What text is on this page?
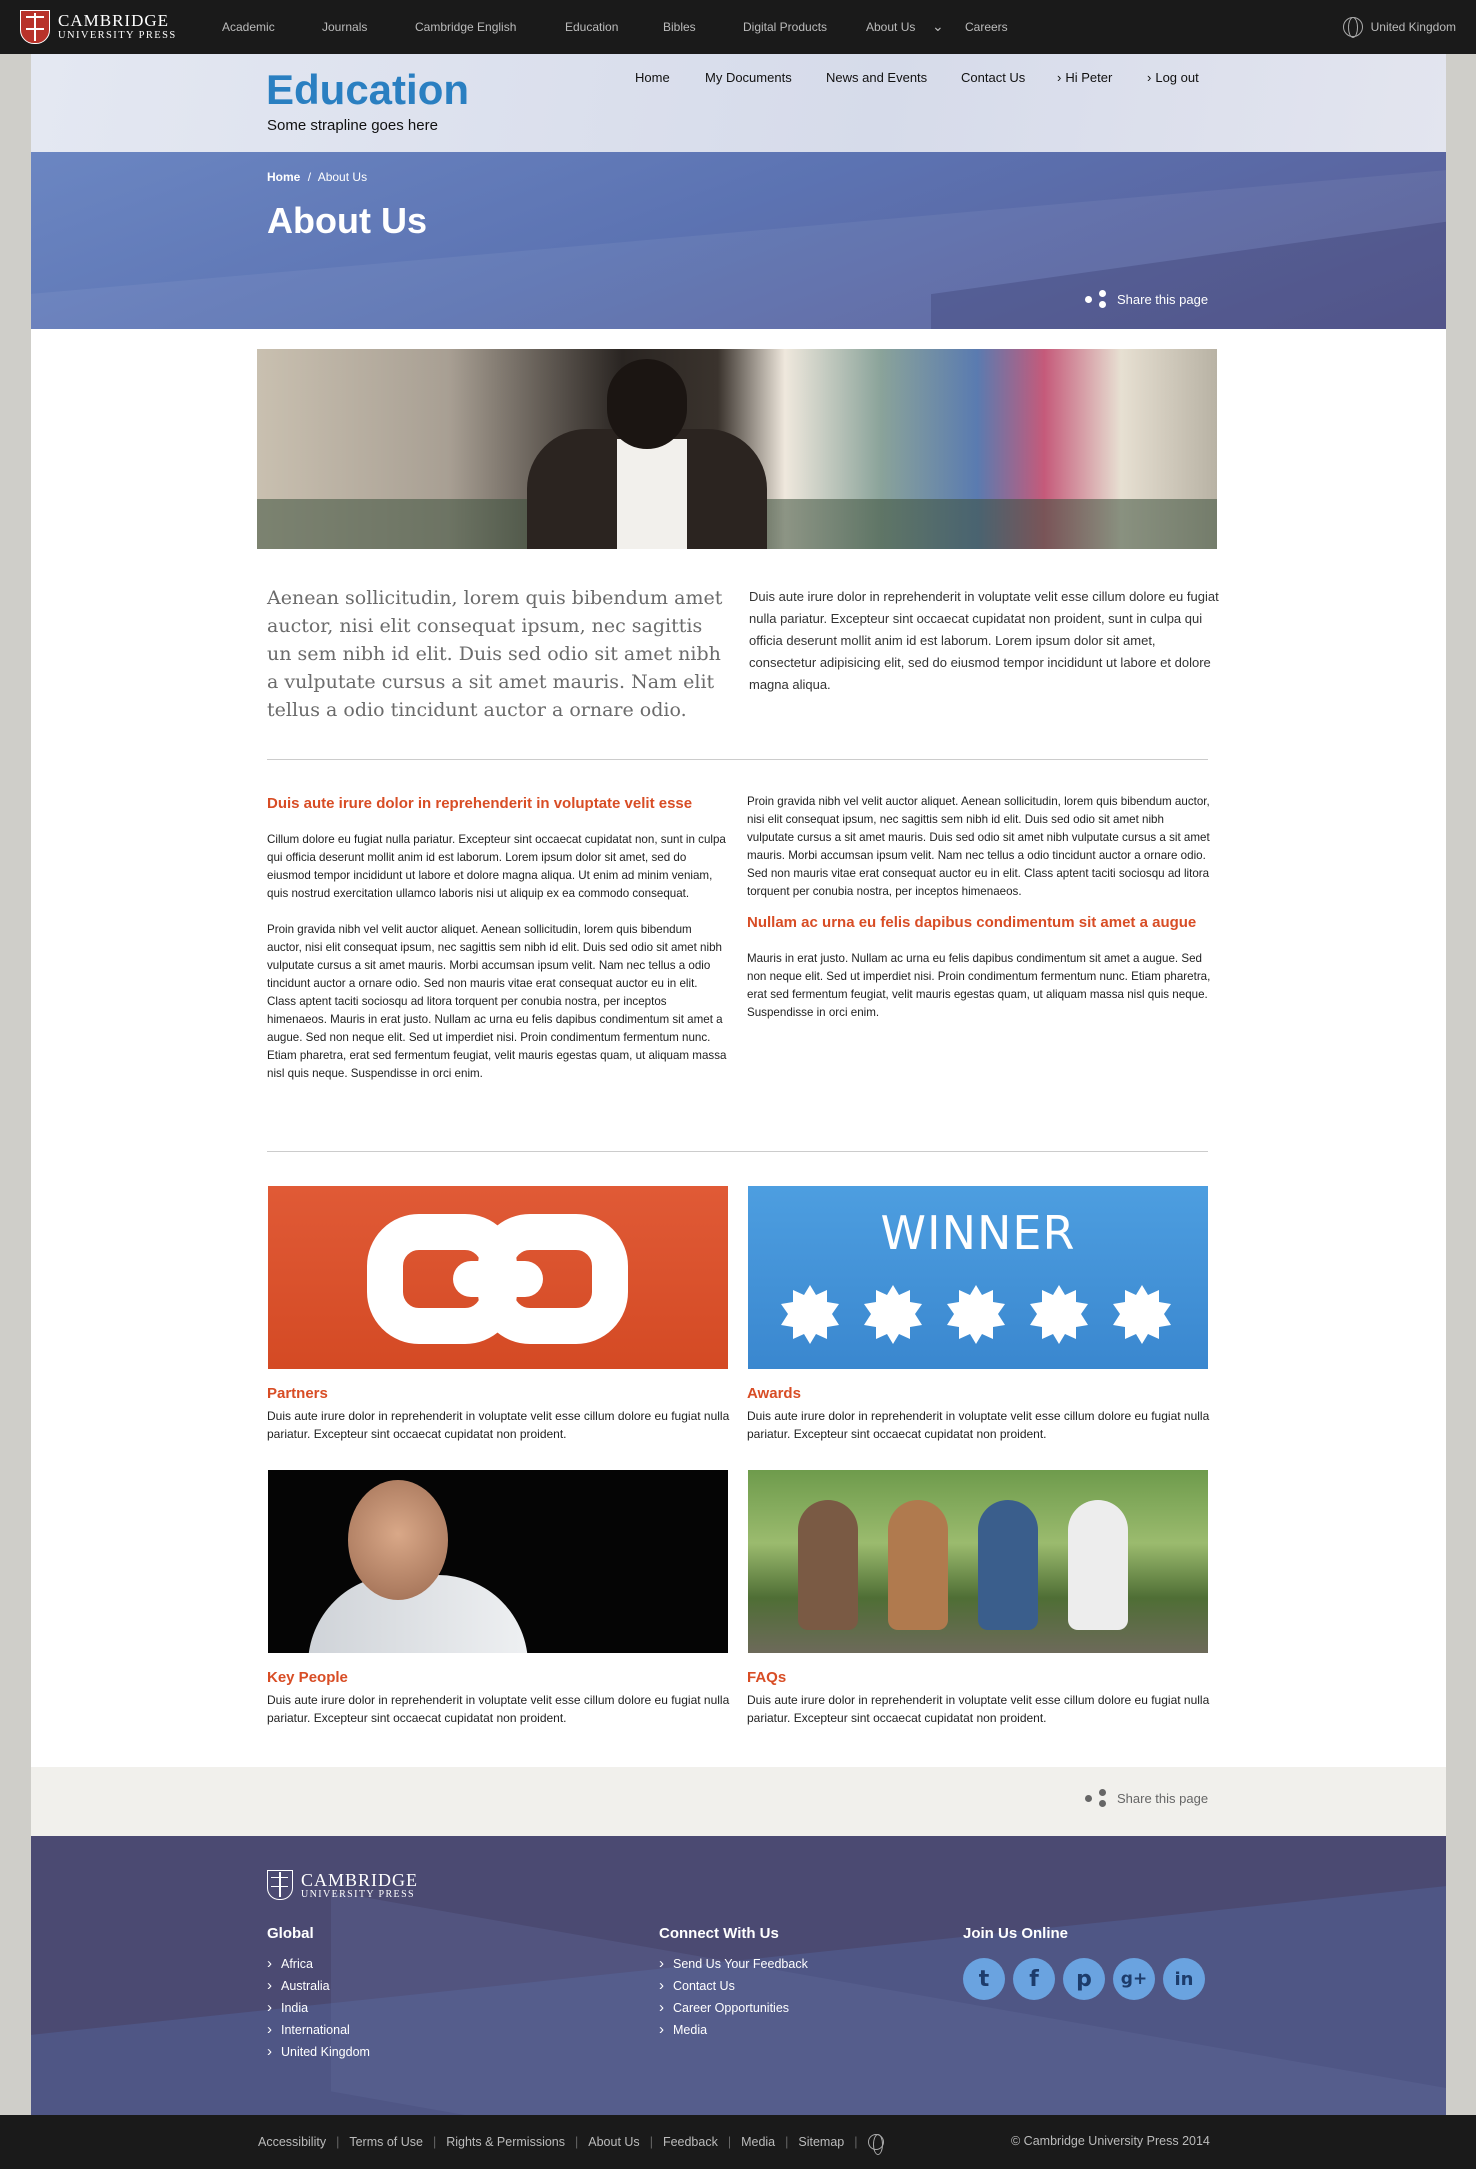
CAMBRIDGE
UNIVERSITY PRESS
Academic	Journals	Cambridge English	Education	Bibles	Digital Products	About Us ⌄ Careers	United Kingdom
Education
Some strapline goes here
Home	My Documents	News and Events	Contact Us	› Hi Peter	› Log out
Home / About Us
About Us
Share this page
Aenean sollicitudin, lorem quis bibendum amet auctor, nisi elit consequat ipsum, nec sagittis un sem nibh id elit. Duis sed odio sit amet nibh a vulputate cursus a sit amet mauris. Nam elit tellus a odio tincidunt auctor a ornare odio.
Duis aute irure dolor in reprehenderit in voluptate velit esse cillum dolore eu fugiat nulla pariatur. Excepteur sint occaecat cupidatat non proident, sunt in culpa qui officia deserunt mollit anim id est laborum. Lorem ipsum dolor sit amet, consectetur adipisicing elit, sed do eiusmod tempor incididunt ut labore et dolore magna aliqua.
Duis aute irure dolor in reprehenderit in voluptate velit esse
Cillum dolore eu fugiat nulla pariatur. Excepteur sint occaecat cupidatat non, sunt in culpa qui officia deserunt mollit anim id est laborum. Lorem ipsum dolor sit amet, sed do eiusmod tempor incididunt ut labore et dolore magna aliqua. Ut enim ad minim veniam, quis nostrud exercitation ullamco laboris nisi ut aliquip ex ea commodo consequat.
Proin gravida nibh vel velit auctor aliquet. Aenean sollicitudin, lorem quis bibendum auctor, nisi elit consequat ipsum, nec sagittis sem nibh id elit. Duis sed odio sit amet nibh vulputate cursus a sit amet mauris. Morbi accumsan ipsum velit. Nam nec tellus a odio tincidunt auctor a ornare odio. Sed non mauris vitae erat consequat auctor eu in elit. Class aptent taciti sociosqu ad litora torquent per conubia nostra, per inceptos himenaeos. Mauris in erat justo. Nullam ac urna eu felis dapibus condimentum sit amet a augue. Sed non neque elit. Sed ut imperdiet nisi. Proin condimentum fermentum nunc. Etiam pharetra, erat sed fermentum feugiat, velit mauris egestas quam, ut aliquam massa nisl quis neque. Suspendisse in orci enim.
Proin gravida nibh vel velit auctor aliquet. Aenean sollicitudin, lorem quis bibendum auctor, nisi elit consequat ipsum, nec sagittis sem nibh id elit. Duis sed odio sit amet nibh vulputate cursus a sit amet mauris. Duis sed odio sit amet nibh vulputate cursus a sit amet mauris. Morbi accumsan ipsum velit. Nam nec tellus a odio tincidunt auctor a ornare odio. Sed non mauris vitae erat consequat auctor eu in elit. Class aptent taciti sociosqu ad litora torquent per conubia nostra, per inceptos himenaeos.
Nullam ac urna eu felis dapibus condimentum sit amet a augue
Mauris in erat justo. Nullam ac urna eu felis dapibus condimentum sit amet a augue. Sed non neque elit. Sed ut imperdiet nisi. Proin condimentum fermentum nunc. Etiam pharetra, erat sed fermentum feugiat, velit mauris egestas quam, ut aliquam massa nisl quis neque. Suspendisse in orci enim.
Partners
Duis aute irure dolor in reprehenderit in voluptate velit esse cillum dolore eu fugiat nulla pariatur. Excepteur sint occaecat cupidatat non proident.
WINNER
Awards
Duis aute irure dolor in reprehenderit in voluptate velit esse cillum dolore eu fugiat nulla pariatur. Excepteur sint occaecat cupidatat non proident.
Key People
Duis aute irure dolor in reprehenderit in voluptate velit esse cillum dolore eu fugiat nulla pariatur. Excepteur sint occaecat cupidatat non proident.
FAQs
Duis aute irure dolor in reprehenderit in voluptate velit esse cillum dolore eu fugiat nulla pariatur. Excepteur sint occaecat cupidatat non proident.
Share this page
CAMBRIDGE
UNIVERSITY PRESS
Global
› Africa
› Australia
› India
› International
› United Kingdom
Connect With Us
› Send Us Your Feedback
› Contact Us
› Career Opportunities
› Media
Join Us Online
t	f	p	g+	in
Accessibility | Terms of Use | Rights & Permissions | About Us | Feedback | Media | Sitemap |	© Cambridge University Press 2014
